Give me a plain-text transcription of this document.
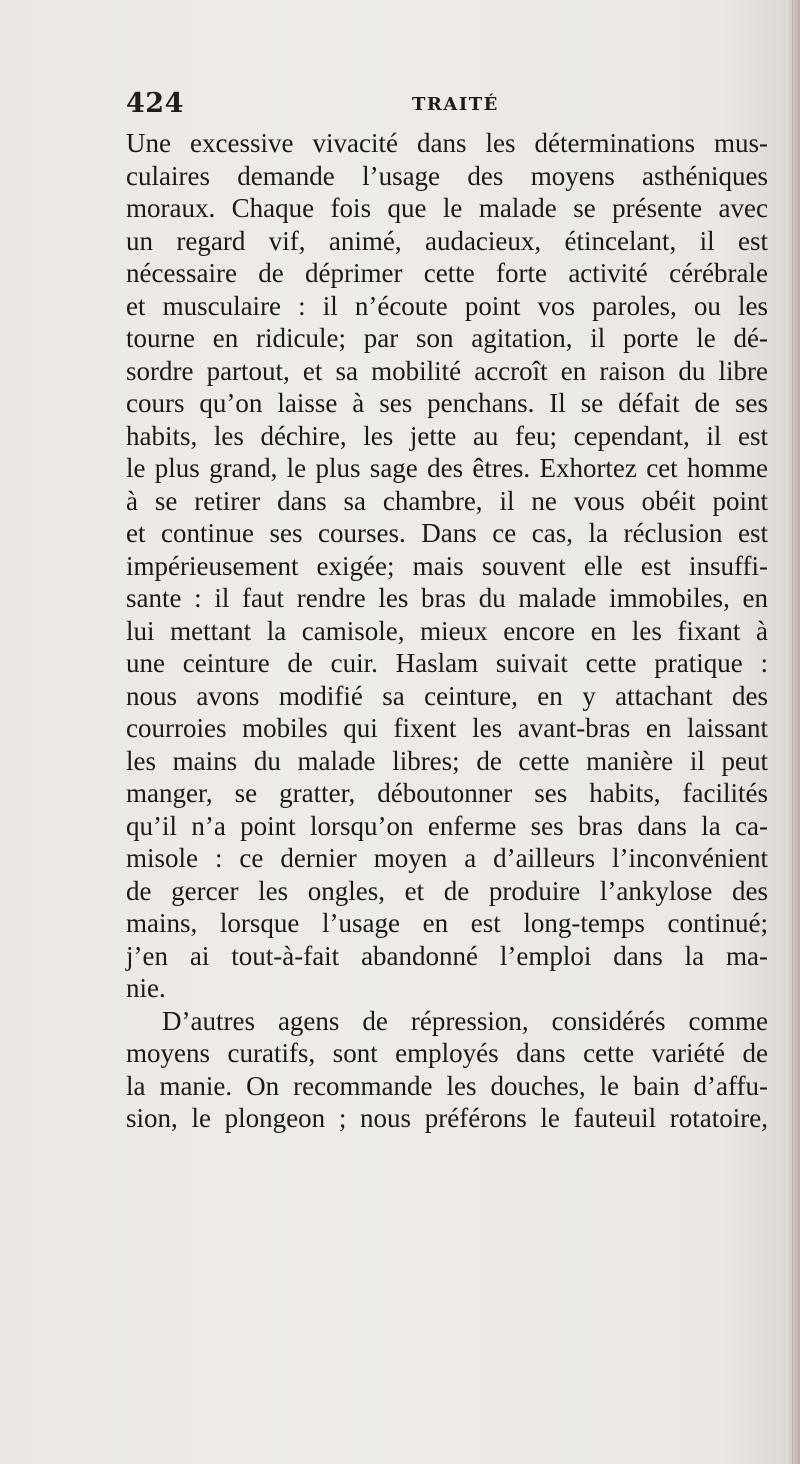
424	TRAITÉ
Une excessive vivacité dans les déterminations mus-
culaires demande l’usage des moyens asthéniques
moraux. Chaque fois que le malade se présente avec
un regard vif, animé, audacieux, étincelant, il est
nécessaire de déprimer cette forte activité cérébrale
et musculaire : il n’écoute point vos paroles, ou les
tourne en ridicule; par son agitation, il porte le dé-
sordre partout, et sa mobilité accroît en raison du libre
cours qu’on laisse à ses penchans. Il se défait de ses
habits, les déchire, les jette au feu; cependant, il est
le plus grand, le plus sage des êtres. Exhortez cet homme
à se retirer dans sa chambre, il ne vous obéit point
et continue ses courses. Dans ce cas, la réclusion est
impérieusement exigée; mais souvent elle est insuffi-
sante : il faut rendre les bras du malade immobiles, en
lui mettant la camisole, mieux encore en les fixant à
une ceinture de cuir. Haslam suivait cette pratique :
nous avons modifié sa ceinture, en y attachant des
courroies mobiles qui fixent les avant-bras en laissant
les mains du malade libres; de cette manière il peut
manger, se gratter, déboutonner ses habits, facilités
qu’il n’a point lorsqu’on enferme ses bras dans la ca-
misole : ce dernier moyen a d’ailleurs l’inconvénient
de gercer les ongles, et de produire l’ankylose des
mains, lorsque l’usage en est long-temps continué;
j’en ai tout-à-fait abandonné l’emploi dans la ma-
nie.
D’autres agens de répression, considérés comme
moyens curatifs, sont employés dans cette variété de
la manie. On recommande les douches, le bain d’affu-
sion, le plongeon ; nous préférons le fauteuil rotatoire,
